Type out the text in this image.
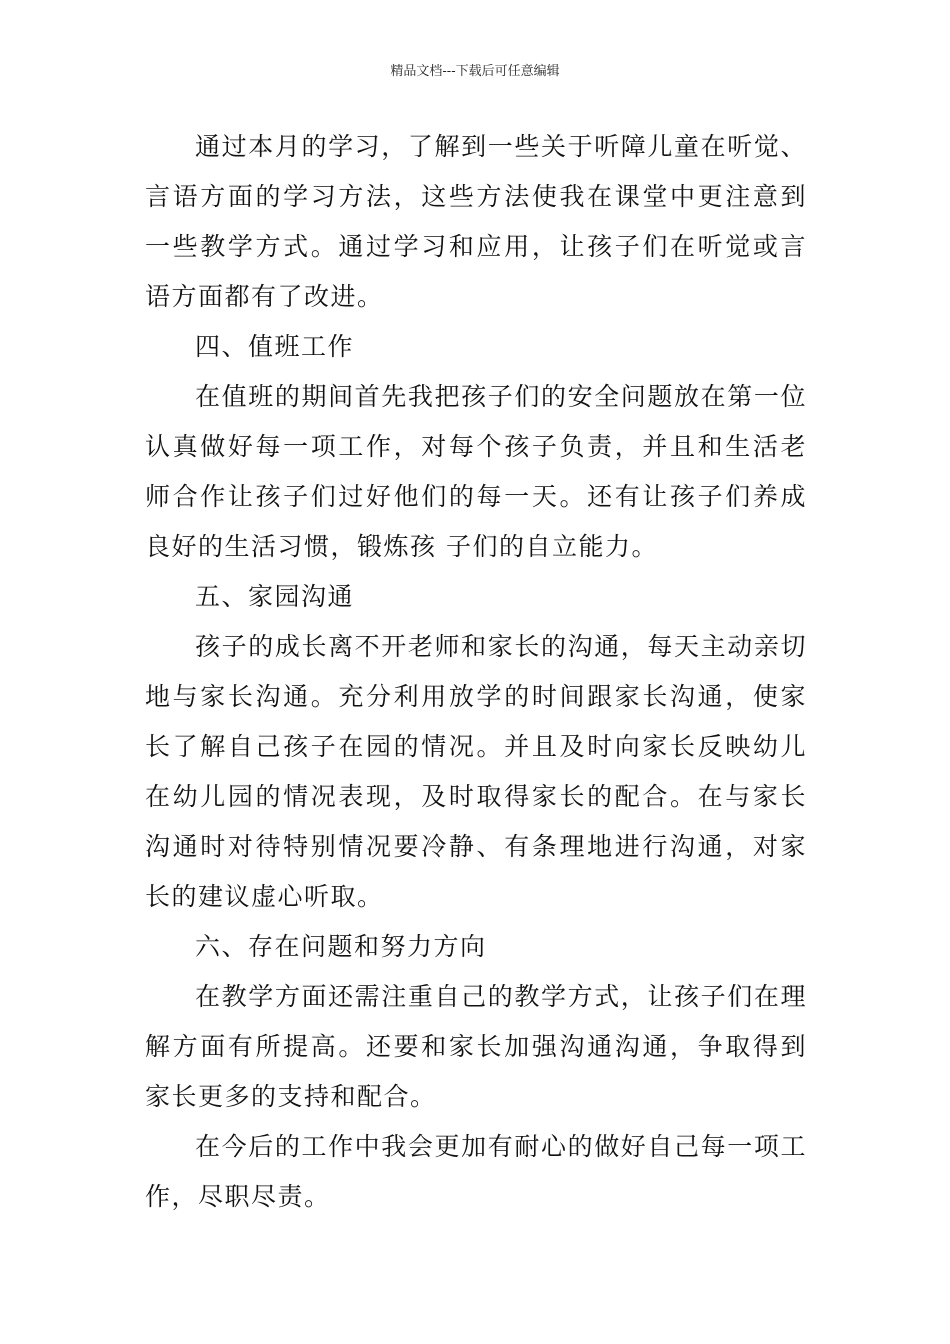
精品文档---下载后可任意编辑

通过本月的学习，了解到一些关于听障儿童在听觉、言语方面的学习方法，这些方法使我在课堂中更注意到一些教学方式。通过学习和应用，让孩子们在听觉或言语方面都有了改进。

四、值班工作

在值班的期间首先我把孩子们的安全问题放在第一位认真做好每一项工作，对每个孩子负责，并且和生活老师合作让孩子们过好他们的每一天。还有让孩子们养成良好的生活习惯，锻炼孩 子们的自立能力。

五、家园沟通

孩子的成长离不开老师和家长的沟通，每天主动亲切地与家长沟通。充分利用放学的时间跟家长沟通，使家长了解自己孩子在园的情况。并且及时向家长反映幼儿在幼儿园的情况表现，及时取得家长的配合。在与家长沟通时对待特别情况要冷静、有条理地进行沟通，对家长的建议虚心听取。

六、存在问题和努力方向

在教学方面还需注重自己的教学方式，让孩子们在理解方面有所提高。还要和家长加强沟通沟通，争取得到家长更多的支持和配合。

在今后的工作中我会更加有耐心的做好自己每一项工作，尽职尽责。
